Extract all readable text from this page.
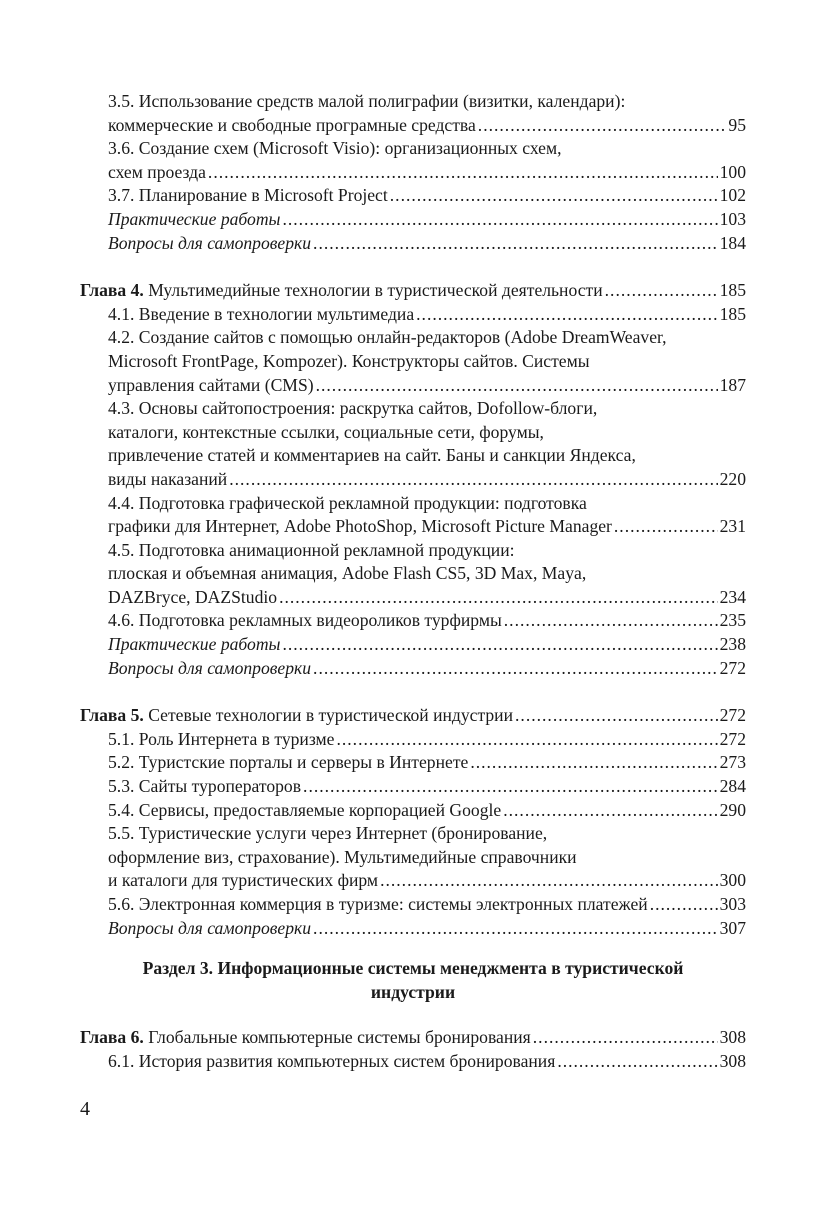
3.5. Использование средств малой полиграфии (визитки, календари):
коммерческие и свободные програмные средства .....	95
3.6. Создание схем (Microsoft Visio): организационных схем,
схем проезда .....	100
3.7. Планирование в Microsoft Project .....	102
Практические работы .....	103
Вопросы для самопроверки .....	184
Глава 4. Мультимедийные технологии в туристической деятельности .....	185
4.1. Введение в технологии мультимедиа .....	185
4.2. Создание сайтов с помощью онлайн-редакторов (Adobe DreamWeaver,
Microsoft FrontPage, Kompozer). Конструкторы сайтов. Системы
управления сайтами (CMS) .....	187
4.3. Основы сайтопостроения: раскрутка сайтов, Dofollow-блоги,
каталоги, контекстные ссылки, социальные сети, форумы,
привлечение статей и комментариев на сайт. Баны и санкции Яндекса,
виды наказаний .....	220
4.4. Подготовка графической рекламной продукции: подготовка
графики для Интернет, Adobe PhotoShop, Microsoft Picture Manager .....	231
4.5. Подготовка анимационной рекламной продукции:
плоская и объемная анимация, Adobe Flash CS5, 3D Max, Maya,
DAZBryce, DAZStudio .....	234
4.6. Подготовка рекламных видеороликов турфирмы .....	235
Практические работы .....	238
Вопросы для самопроверки .....	272
Глава 5. Сетевые технологии в туристической индустрии .....	272
5.1. Роль Интернета в туризме .....	272
5.2. Туристские порталы и серверы в Интернете .....	273
5.3. Сайты туроператоров .....	284
5.4. Сервисы, предоставляемые корпорацией Google .....	290
5.5. Туристические услуги через Интернет (бронирование,
оформление виз, страхование). Мультимедийные справочники
и каталоги для туристических фирм .....	300
5.6. Электронная коммерция в туризме: системы электронных платежей .....	303
Вопросы для самопроверки .....	307
Раздел 3. Информационные системы менеджмента в туристической
индустрии
Глава 6. Глобальные компьютерные системы бронирования .....	308
6.1. История развития компьютерных систем бронирования .....	308
4
